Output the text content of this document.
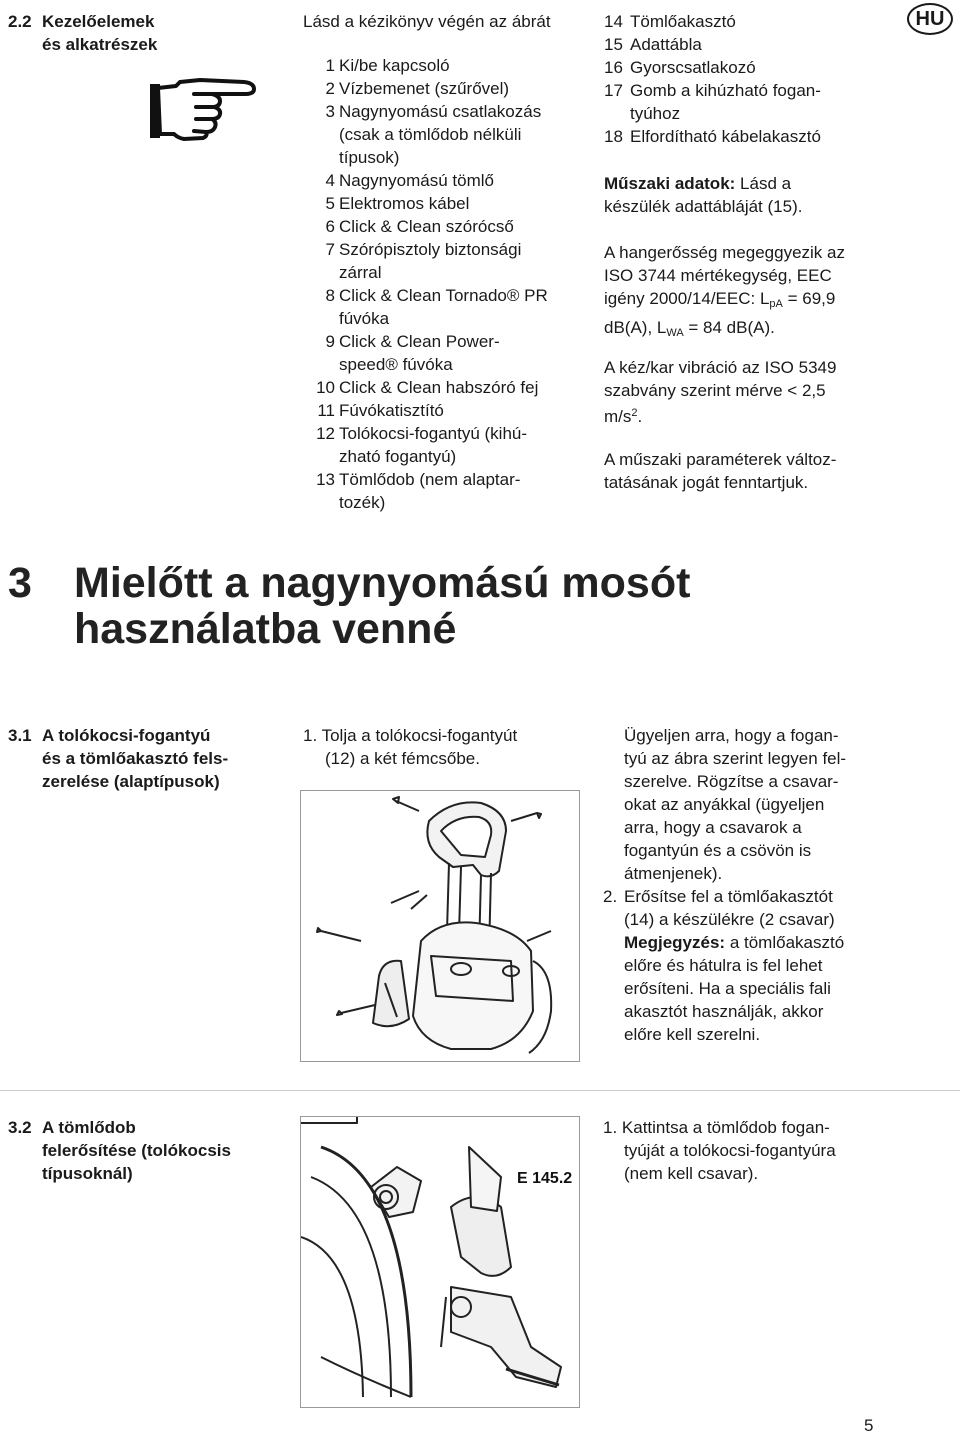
2.2 Kezelőelemek
és alkatrészek
Lásd a kézikönyv végén az ábrát
1 Ki/be kapcsoló
2 Vízbemenet (szűrővel)
3 Nagynyomású csatlakozás
(csak a tömlődob nélküli
típusok)
4 Nagynyomású tömlő
5 Elektromos kábel
6 Click & Clean szórócső
7 Szórópisztoly biztonsági
zárral
8 Click & Clean Tornado® PR
fúvóka
9 Click & Clean Power-
speed® fúvóka
10 Click & Clean habszóró fej
11 Fúvókatisztító
12 Tolókocsi-fogantyú (kihú-
zható fogantyú)
13 Tömlődob (nem alaptar-
tozék)
14 Tömlőakasztó
15 Adattábla
16 Gyorscsatlakozó
17 Gomb a kihúzható fogan-
tyúhoz
18 Elfordítható kábelakasztó
HU
Műszaki adatok: Lásd a
készülék adattábláját (15).
A hangerősség megeggyezik az
ISO 3744 mértékegység, EEC
igény 2000/14/EEC: $L_{pA} = 69,9$
dB(A), $L_{WA} = 84$ dB(A).
A kéz/kar vibráció az ISO 5349
szabvány szerint mérve < 2,5
$m/s^2$.
A műszaki paraméterek változ-
tatásának jogát fenntartjuk.
3 Mielőtt a nagynyomású mosót
használatba venné
3.1 A tolókocsi-fogantyú
és a tömlőakasztó fels-
zerelése (alaptípusok)
1. Tolja a tolókocsi-fogantyút
(12) a két fémcsőbe.
Ügyeljen arra, hogy a fogan-
tyú az ábra szerint legyen fel-
szerelve. Rögzítse a csavar-
okat az anyákkal (ügyeljen
arra, hogy a csavarok a
fogantyún és a csövön is
átmenjenek).
2. Erősítse fel a tömlőakasztót
(14) a készülékre (2 csavar)
Megjegyzés: a tömlőakasztó
előre és hátulra is fel lehet
erősíteni. Ha a speciális fali
akasztót használják, akkor
előre kell szerelni.
3.2 A tömlődob
felerősítése (tolókocsis
típusoknál)	E 145.2
1. Kattintsa a tömlődob fogan-
tyúját a tolókocsi-fogantyúra
(nem kell csavar).
5
